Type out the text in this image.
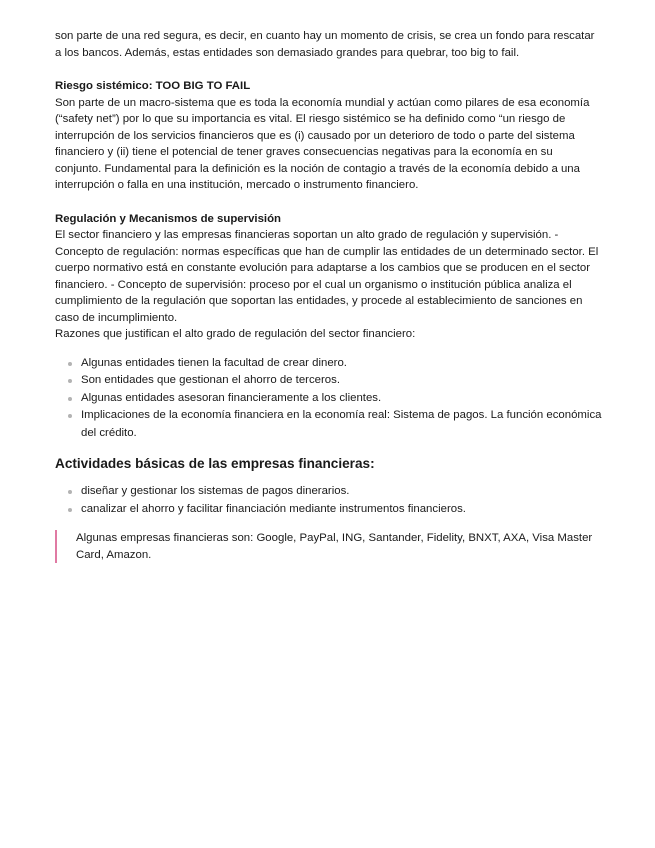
son parte de una red segura, es decir, en cuanto hay un momento de crisis, se crea un fondo para rescatar a los bancos. Además, estas entidades son demasiado grandes para quebrar, too big to fail.

Riesgo sistémico: TOO BIG TO FAIL

Son parte de un macro-sistema que es toda la economía mundial y actúan como pilares de esa economía (“safety net”) por lo que su importancia es vital. El riesgo sistémico se ha definido como “un riesgo de interrupción de los servicios financieros que es (i) causado por un deterioro de todo o parte del sistema financiero y (ii) tiene el potencial de tener graves consecuencias negativas para la economía en su conjunto. Fundamental para la definición es la noción de contagio a través de la economía debido a una interrupción o falla en una institución, mercado o instrumento financiero.

Regulación y Mecanismos de supervisión

El sector financiero y las empresas financieras soportan un alto grado de regulación y supervisión. - Concepto de regulación: normas específicas que han de cumplir las entidades de un determinado sector. El cuerpo normativo está en constante evolución para adaptarse a los cambios que se producen en el sector financiero. - Concepto de supervisión: proceso por el cual un organismo o institución pública analiza el cumplimiento de la regulación que soportan las entidades, y procede al establecimiento de sanciones en caso de incumplimiento.

Razones que justifican el alto grado de regulación del sector financiero:

Algunas entidades tienen la facultad de crear dinero.
Son entidades que gestionan el ahorro de terceros.
Algunas entidades asesoran financieramente a los clientes.
Implicaciones de la economía financiera en la economía real: Sistema de pagos. La función económica del crédito.
Actividades básicas de las empresas financieras:
diseñar y gestionar los sistemas de pagos dinerarios.
canalizar el ahorro y facilitar financiación mediante instrumentos financieros.
Algunas empresas financieras son: Google, PayPal, ING, Santander, Fidelity, BNXT, AXA, Visa Master Card, Amazon.
